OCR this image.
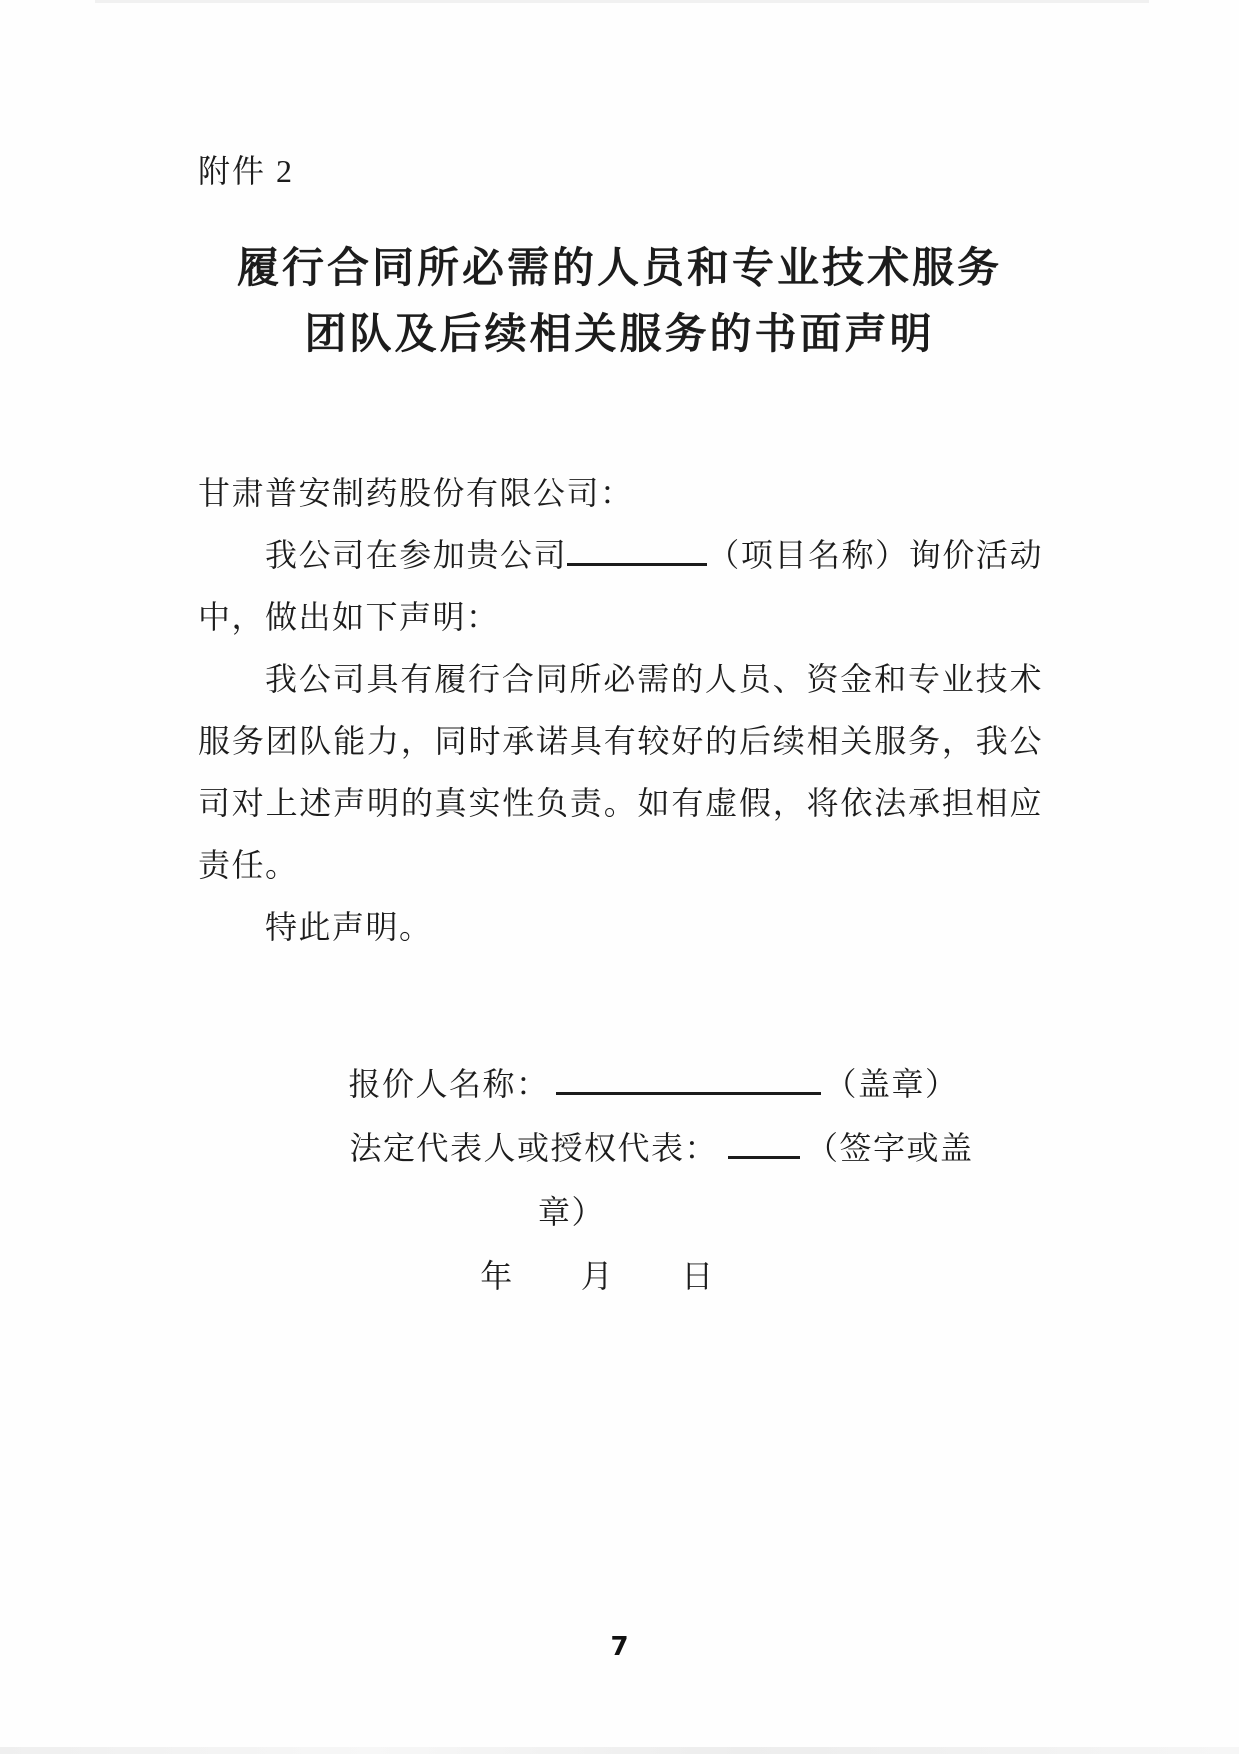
附件 2
履行合同所必需的人员和专业技术服务
团队及后续相关服务的书面声明

甘肃普安制药股份有限公司：

我公司在参加贵公司	（项目名称）询价活动中，做出如下声明：

我公司具有履行合同所必需的人员、资金和专业技术服务团队能力，同时承诺具有较好的后续相关服务，我公司对上述声明的真实性负责。如有虚假，将依法承担相应责任。

特此声明。

报价人名称：	（盖章）

法定代表人或授权代表：	（签字或盖

章）

年　　月　　日

7
